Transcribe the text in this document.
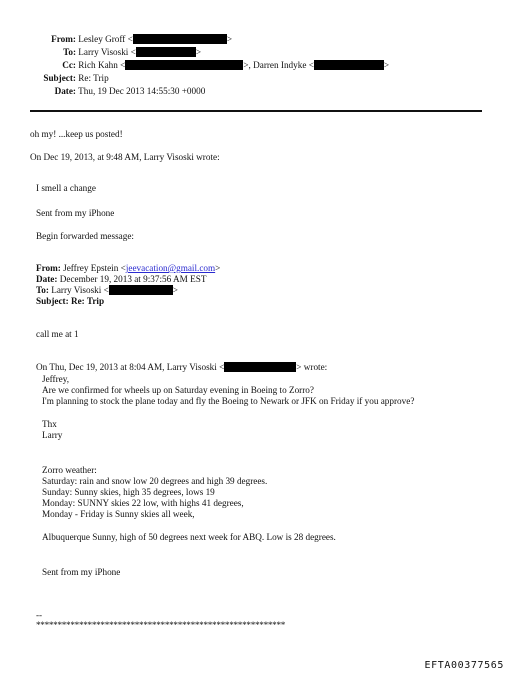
From: Lesley Groff <	>
To: Larry Visoski <	>
Cc: Rich Kahn <	>, Darren Indyke <	>
Subject: Re: Trip
Date: Thu, 19 Dec 2013 14:55:30 +0000
oh my! ...keep us posted!
On Dec 19, 2013, at 9:48 AM, Larry Visoski wrote:
I smell a change
Sent from my iPhone
Begin forwarded message:
From: Jeffrey Epstein <jeevacation@gmail.com>
Date: December 19, 2013 at 9:37:56 AM EST
To: Larry Visoski <	>
Subject: Re: Trip
call me at 1
On Thu, Dec 19, 2013 at 8:04 AM, Larry Visoski <	> wrote:
Jeffrey,
Are we confirmed for wheels up on Saturday evening in Boeing to Zorro?
I'm planning to stock the plane today and fly the Boeing to Newark or JFK on Friday if you approve?
Thx
Larry
Zorro weather:
Saturday: rain and snow low 20 degrees and high 39 degrees.
Sunday: Sunny skies, high 35 degrees, lows 19
Monday: SUNNY skies 22 low, with highs 41 degrees,
Monday - Friday is Sunny skies all week,
Albuquerque Sunny, high of 50 degrees next week for ABQ. Low is 28 degrees.
Sent from my iPhone
--
**********************************************************
EFTA00377565
